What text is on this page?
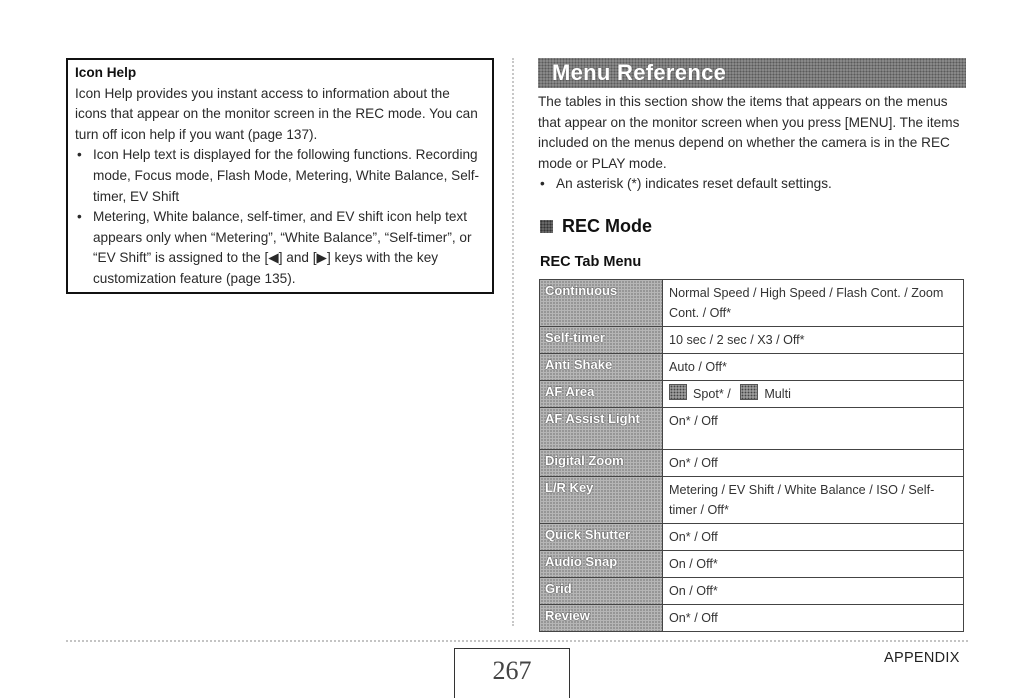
Icon Help
Icon Help provides you instant access to information about the icons that appear on the monitor screen in the REC mode. You can turn off icon help if you want (page 137).
• Icon Help text is displayed for the following functions. Recording mode, Focus mode, Flash Mode, Metering, White Balance, Self-timer, EV Shift
• Metering, White balance, self-timer, and EV shift icon help text appears only when “Metering”, “White Balance”, “Self-timer”, or “EV Shift” is assigned to the [◀] and [▶] keys with the key customization feature (page 135).
Menu Reference

The tables in this section show the items that appears on the menus that appear on the monitor screen when you press [MENU]. The items included on the menus depend on whether the camera is in the REC mode or PLAY mode.

• An asterisk (*) indicates reset default settings.

REC Mode
REC Tab Menu
Continuous	Normal Speed / High Speed / Flash Cont. / Zoom Cont. / Off*
Self-timer	10 sec / 2 sec / X3 / Off*
Anti Shake	Auto / Off*
AF Area	Spot* / Multi
AF Assist Light	On* / Off
Digital Zoom	On* / Off
L/R Key	Metering / EV Shift / White Balance / ISO / Self-timer / Off*
Quick Shutter	On* / Off
Audio Snap	On / Off*
Grid	On / Off*
Review	On* / Off
267	APPENDIX
